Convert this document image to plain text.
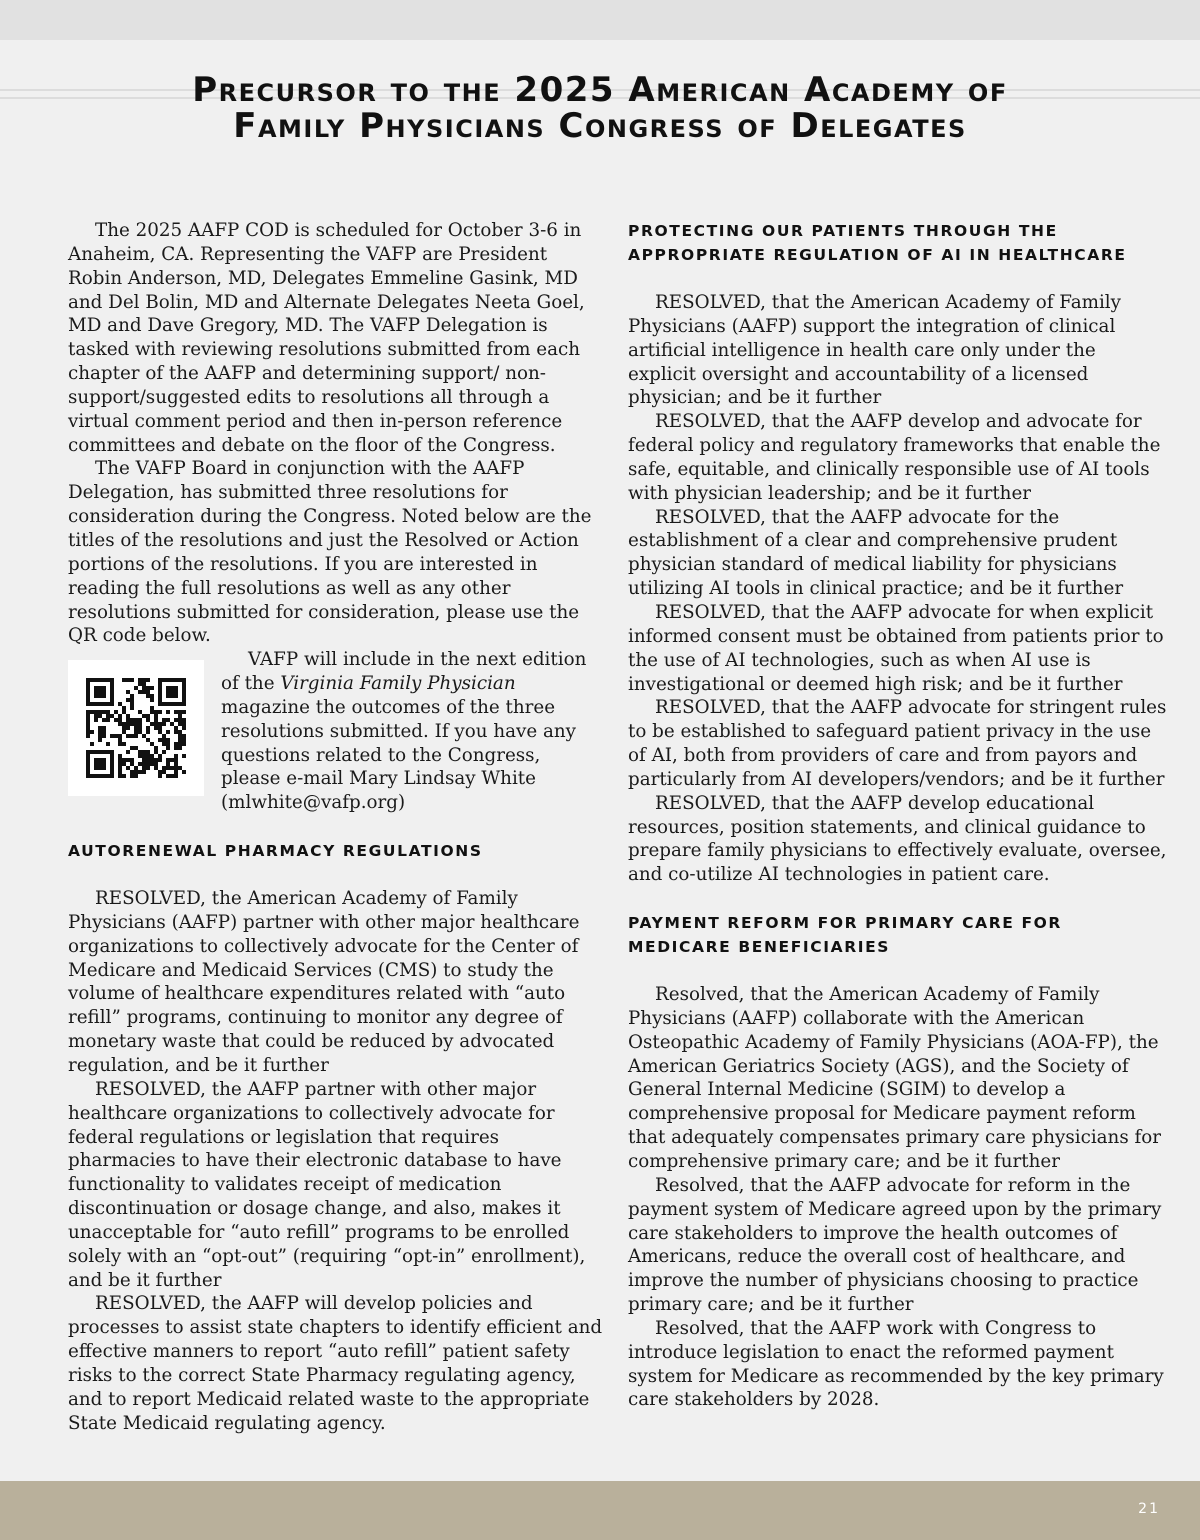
Precursor to the 2025 American Academy of
Family Physicians Congress of Delegates

The 2025 AAFP COD is scheduled for October 3-6 in Anaheim, CA. Representing the VAFP are President Robin Anderson, MD, Delegates Emmeline Gasink, MD and Del Bolin, MD and Alternate Delegates Neeta Goel, MD and Dave Gregory, MD. The VAFP Delegation is tasked with reviewing resolutions submitted from each chapter of the AAFP and determining support/ non-support/suggested edits to resolutions all through a virtual comment period and then in-person reference committees and debate on the floor of the Congress.

The VAFP Board in conjunction with the AAFP Delegation, has submitted three resolutions for consideration during the Congress. Noted below are the titles of the resolutions and just the Resolved or Action portions of the resolutions. If you are interested in reading the full resolutions as well as any other resolutions submitted for consideration, please use the QR code below.

VAFP will include in the next edition of the Virginia Family Physician magazine the outcomes of the three resolutions submitted. If you have any questions related to the Congress, please e-mail Mary Lindsay White (mlwhite@vafp.org)

AUTORENEWAL PHARMACY REGULATIONS

RESOLVED, the American Academy of Family Physicians (AAFP) partner with other major healthcare organizations to collectively advocate for the Center of Medicare and Medicaid Services (CMS) to study the volume of healthcare expenditures related with “auto refill” programs, continuing to monitor any degree of monetary waste that could be reduced by advocated regulation, and be it further

RESOLVED, the AAFP partner with other major healthcare organizations to collectively advocate for federal regulations or legislation that requires pharmacies to have their electronic database to have functionality to validates receipt of medication discontinuation or dosage change, and also, makes it unacceptable for “auto refill” programs to be enrolled solely with an “opt-out” (requiring “opt-in” enrollment), and be it further

RESOLVED, the AAFP will develop policies and processes to assist state chapters to identify efficient and effective manners to report “auto refill” patient safety risks to the correct State Pharmacy regulating agency, and to report Medicaid related waste to the appropriate State Medicaid regulating agency.

PROTECTING OUR PATIENTS THROUGH THE
APPROPRIATE REGULATION OF AI IN HEALTHCARE

RESOLVED, that the American Academy of Family Physicians (AAFP) support the integration of clinical artificial intelligence in health care only under the explicit oversight and accountability of a licensed physician; and be it further

RESOLVED, that the AAFP develop and advocate for federal policy and regulatory frameworks that enable the safe, equitable, and clinically responsible use of AI tools with physician leadership; and be it further

RESOLVED, that the AAFP advocate for the establishment of a clear and comprehensive prudent physician standard of medical liability for physicians utilizing AI tools in clinical practice; and be it further

RESOLVED, that the AAFP advocate for when explicit informed consent must be obtained from patients prior to the use of AI technologies, such as when AI use is investigational or deemed high risk; and be it further

RESOLVED, that the AAFP advocate for stringent rules to be established to safeguard patient privacy in the use of AI, both from providers of care and from payors and particularly from AI developers/vendors; and be it further

RESOLVED, that the AAFP develop educational resources, position statements, and clinical guidance to prepare family physicians to effectively evaluate, oversee, and co-utilize AI technologies in patient care.

PAYMENT REFORM FOR PRIMARY CARE FOR
MEDICARE BENEFICIARIES

Resolved, that the American Academy of Family Physicians (AAFP) collaborate with the American Osteopathic Academy of Family Physicians (AOA-FP), the American Geriatrics Society (AGS), and the Society of General Internal Medicine (SGIM) to develop a comprehensive proposal for Medicare payment reform that adequately compensates primary care physicians for comprehensive primary care; and be it further

Resolved, that the AAFP advocate for reform in the payment system of Medicare agreed upon by the primary care stakeholders to improve the health outcomes of Americans, reduce the overall cost of healthcare, and improve the number of physicians choosing to practice primary care; and be it further

Resolved, that the AAFP work with Congress to introduce legislation to enact the reformed payment system for Medicare as recommended by the key primary care stakeholders by 2028.

21
